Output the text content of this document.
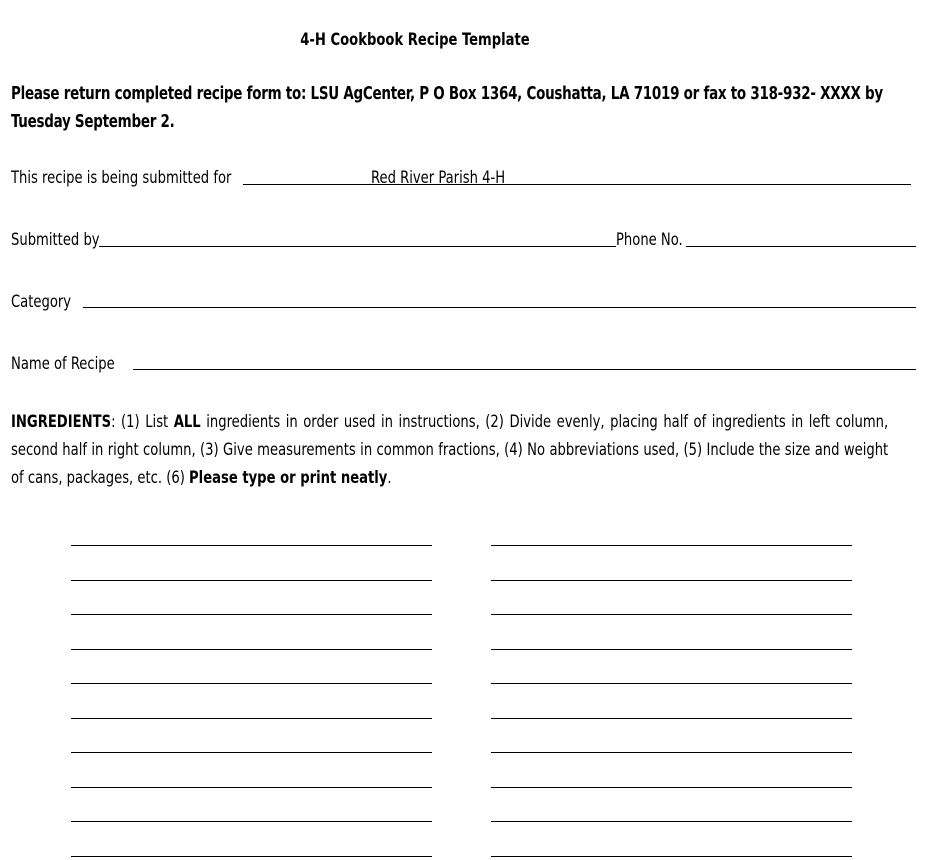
4-H Cookbook Recipe Template
Please return completed recipe form to: LSU AgCenter, P O Box 1364, Coushatta, LA 71019 or fax to 318-932- XXXX by Tuesday September 2.
This recipe is being submitted for	Red River Parish 4-H
Submitted by	Phone No.
Category
Name of Recipe
INGREDIENTS: (1) List ALL ingredients in order used in instructions, (2) Divide evenly, placing half of ingredients in left column, second half in right column, (3) Give measurements in common fractions, (4) No abbreviations used, (5) Include the size and weight of cans, packages, etc. (6) Please type or print neatly.
